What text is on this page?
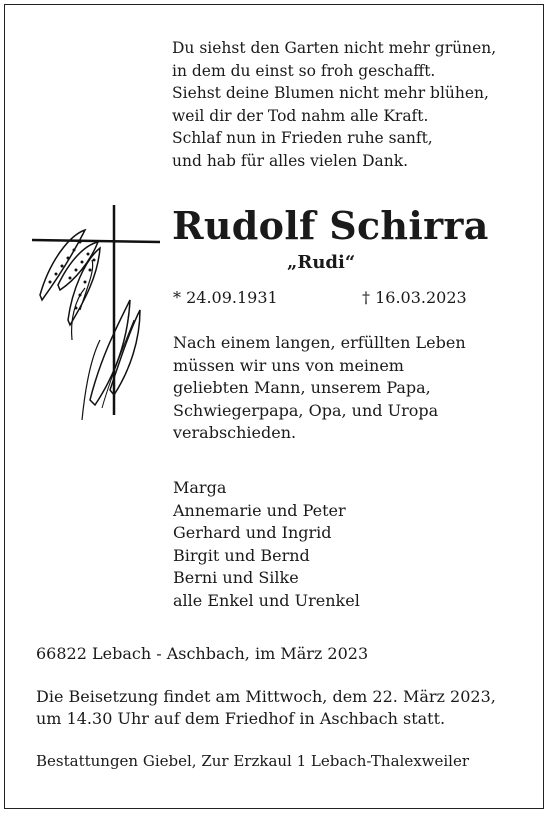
Du siehst den Garten nicht mehr grünen,
in dem du einst so froh geschafft.
Siehst deine Blumen nicht mehr blühen,
weil dir der Tod nahm alle Kraft.
Schlaf nun in Frieden ruhe sanft,
und hab für alles vielen Dank.
Rudolf Schirra
„Rudi“
* 24.09.1931	† 16.03.2023
Nach einem langen, erfüllten Leben
müssen wir uns von meinem
geliebten Mann, unserem Papa,
Schwiegerpapa, Opa, und Uropa
verabschieden.
Marga
Annemarie und Peter
Gerhard und Ingrid
Birgit und Bernd
Berni und Silke
alle Enkel und Urenkel
66822 Lebach - Aschbach, im März 2023
Die Beisetzung findet am Mittwoch, dem 22. März 2023,
um 14.30 Uhr auf dem Friedhof in Aschbach statt.
Bestattungen Giebel, Zur Erzkaul 1 Lebach-Thalexweiler
